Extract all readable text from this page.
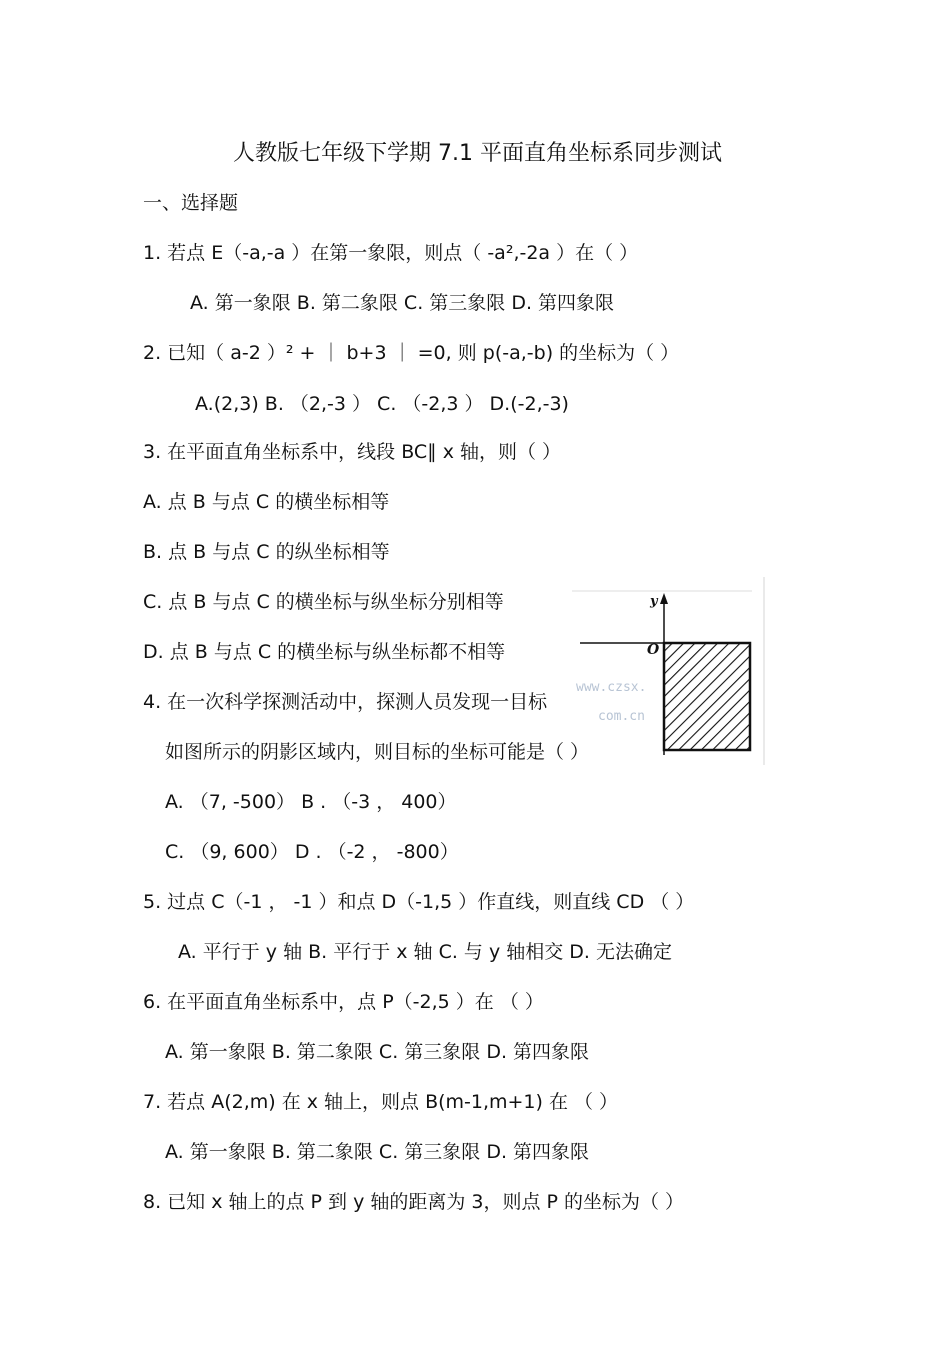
人教版七年级下学期 7.1 平面直角坐标系同步测试
一、选择题
1. 若点 E（-a,-a ）在第一象限，则点（ -a²,-2a ）在（ ）
A. 第一象限 B. 第二象限 C. 第三象限 D. 第四象限
2. 已知（ a-2 ）² + ｜ b+3 ｜ =0, 则 p(-a,-b) 的坐标为（ ）
A.(2,3) B. （2,-3 ） C. （-2,3 ） D.(-2,-3)
3. 在平面直角坐标系中，线段 BC∥ x 轴，则（ ）
A. 点 B 与点 C 的横坐标相等
B. 点 B 与点 C 的纵坐标相等
C. 点 B 与点 C 的横坐标与纵坐标分别相等
D. 点 B 与点 C 的横坐标与纵坐标都不相等
4. 在一次科学探测活动中，探测人员发现一目标
如图所示的阴影区域内，则目标的坐标可能是（ ）
A. （7, -500） B . （-3 ， 400）
C. （9, 600） D . （-2 ， -800）
5. 过点 C（-1 ， -1 ）和点 D（-1,5 ）作直线，则直线 CD （ ）
A. 平行于 y 轴 B. 平行于 x 轴 C. 与 y 轴相交 D. 无法确定
6. 在平面直角坐标系中，点 P（-2,5 ）在 （ ）
A. 第一象限 B. 第二象限 C. 第三象限 D. 第四象限
7. 若点 A(2,m) 在 x 轴上，则点 B(m-1,m+1) 在 （ ）
A. 第一象限 B. 第二象限 C. 第三象限 D. 第四象限
8. 已知 x 轴上的点 P 到 y 轴的距离为 3，则点 P 的坐标为（ ）
y
O
www.czsx.
com.cn
